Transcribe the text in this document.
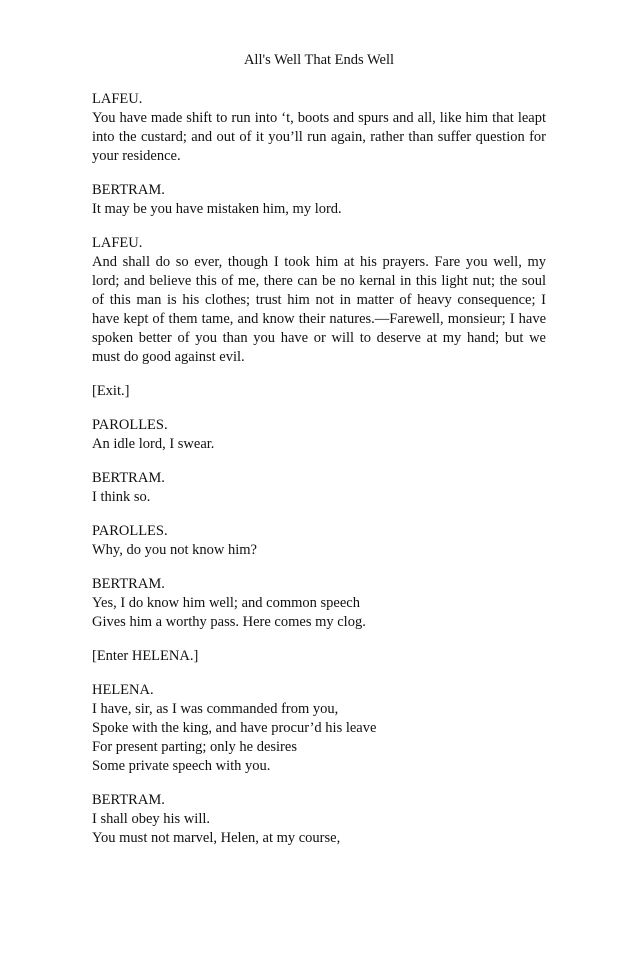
All's Well That Ends Well
LAFEU.
You have made shift to run into ‘t, boots and spurs and all, like him that leapt into the custard; and out of it you’ll run again, rather than suffer question for your residence.
BERTRAM.
It may be you have mistaken him, my lord.
LAFEU.
And shall do so ever, though I took him at his prayers. Fare you well, my lord; and believe this of me, there can be no kernal in this light nut; the soul of this man is his clothes; trust him not in matter of heavy consequence; I have kept of them tame, and know their natures.—Farewell, monsieur; I have spoken better of you than you have or will to deserve at my hand; but we must do good against evil.
[Exit.]
PAROLLES.
An idle lord, I swear.
BERTRAM.
I think so.
PAROLLES.
Why, do you not know him?
BERTRAM.
Yes, I do know him well; and common speech
Gives him a worthy pass. Here comes my clog.
[Enter HELENA.]
HELENA.
I have, sir, as I was commanded from you,
Spoke with the king, and have procur’d his leave
For present parting; only he desires
Some private speech with you.
BERTRAM.
I shall obey his will.
You must not marvel, Helen, at my course,
